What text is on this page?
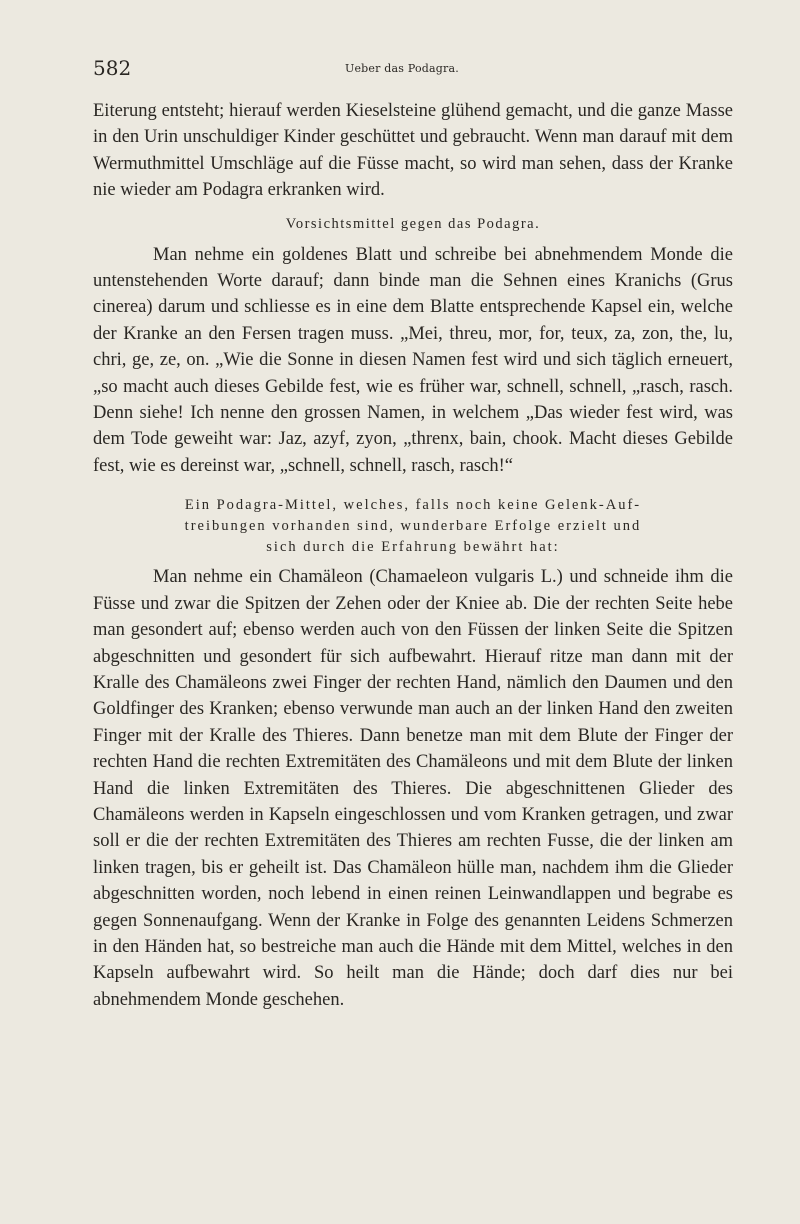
582	Ueber das Podagra.

Eiterung entsteht; hierauf werden Kieselsteine glühend gemacht, und die ganze Masse in den Urin unschuldiger Kinder geschüttet und gebraucht. Wenn man darauf mit dem Wermuthmittel Umschläge auf die Füsse macht, so wird man sehen, dass der Kranke nie wieder am Podagra erkranken wird.

Vorsichtsmittel gegen das Podagra.

Man nehme ein goldenes Blatt und schreibe bei abnehmendem Monde die untenstehenden Worte darauf; dann binde man die Sehnen eines Kranichs (Grus cinerea) darum und schliesse es in eine dem Blatte entsprechende Kapsel ein, welche der Kranke an den Fersen tragen muss. „Mei, threu, mor, for, teux, za, zon, the, lu, chri, ge, ze, on. „Wie die Sonne in diesen Namen fest wird und sich täglich erneuert, „so macht auch dieses Gebilde fest, wie es früher war, schnell, schnell, „rasch, rasch. Denn siehe! Ich nenne den grossen Namen, in welchem „Das wieder fest wird, was dem Tode geweiht war: Jaz, azyf, zyon, „threnx, bain, chook. Macht dieses Gebilde fest, wie es dereinst war, „schnell, schnell, rasch, rasch!“

Ein Podagra-Mittel, welches, falls noch keine Gelenk-Auf-
treibungen vorhanden sind, wunderbare Erfolge erzielt und
sich durch die Erfahrung bewährt hat:

Man nehme ein Chamäleon (Chamaeleon vulgaris L.) und schneide ihm die Füsse und zwar die Spitzen der Zehen oder der Kniee ab. Die der rechten Seite hebe man gesondert auf; ebenso werden auch von den Füssen der linken Seite die Spitzen abgeschnitten und gesondert für sich aufbewahrt. Hierauf ritze man dann mit der Kralle des Chamäleons zwei Finger der rechten Hand, nämlich den Daumen und den Goldfinger des Kranken; ebenso verwunde man auch an der linken Hand den zweiten Finger mit der Kralle des Thieres. Dann benetze man mit dem Blute der Finger der rechten Hand die rechten Extremitäten des Chamäleons und mit dem Blute der linken Hand die linken Extremitäten des Thieres. Die abgeschnittenen Glieder des Chamäleons werden in Kapseln eingeschlossen und vom Kranken getragen, und zwar soll er die der rechten Extremitäten des Thieres am rechten Fusse, die der linken am linken tragen, bis er geheilt ist. Das Chamäleon hülle man, nachdem ihm die Glieder abgeschnitten worden, noch lebend in einen reinen Leinwandlappen und begrabe es gegen Sonnenaufgang. Wenn der Kranke in Folge des genannten Leidens Schmerzen in den Händen hat, so bestreiche man auch die Hände mit dem Mittel, welches in den Kapseln aufbewahrt wird. So heilt man die Hände; doch darf dies nur bei abnehmendem Monde geschehen.
